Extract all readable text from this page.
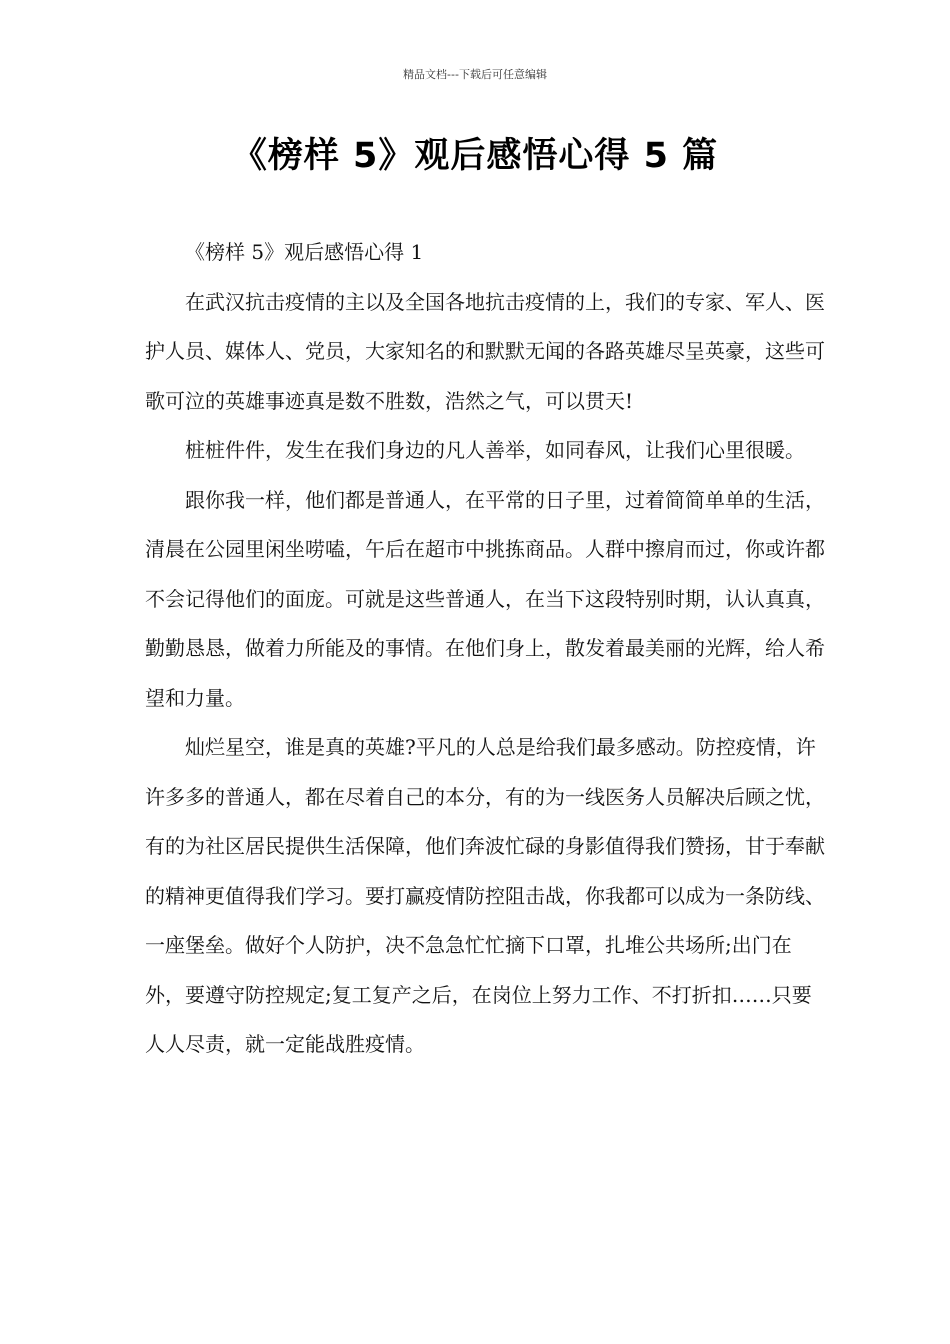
精品文档---下载后可任意编辑
《榜样 5》观后感悟心得 5 篇

《榜样 5》观后感悟心得 1

在武汉抗击疫情的主以及全国各地抗击疫情的上，我们的专家、军人、医护人员、媒体人、党员，大家知名的和默默无闻的各路英雄尽呈英豪，这些可歌可泣的英雄事迹真是数不胜数，浩然之气，可以贯天!

桩桩件件，发生在我们身边的凡人善举，如同春风，让我们心里很暖。

跟你我一样，他们都是普通人，在平常的日子里，过着简简单单的生活，清晨在公园里闲坐唠嗑，午后在超市中挑拣商品。人群中擦肩而过，你或许都不会记得他们的面庞。可就是这些普通人，在当下这段特别时期，认认真真，勤勤恳恳，做着力所能及的事情。在他们身上，散发着最美丽的光辉，给人希望和力量。

灿烂星空，谁是真的英雄?平凡的人总是给我们最多感动。防控疫情，许许多多的普通人，都在尽着自己的本分，有的为一线医务人员解决后顾之忧，有的为社区居民提供生活保障，他们奔波忙碌的身影值得我们赞扬，甘于奉献的精神更值得我们学习。要打赢疫情防控阻击战，你我都可以成为一条防线、一座堡垒。做好个人防护，决不急急忙忙摘下口罩，扎堆公共场所;出门在外，要遵守防控规定;复工复产之后，在岗位上努力工作、不打折扣……只要人人尽责，就一定能战胜疫情。
